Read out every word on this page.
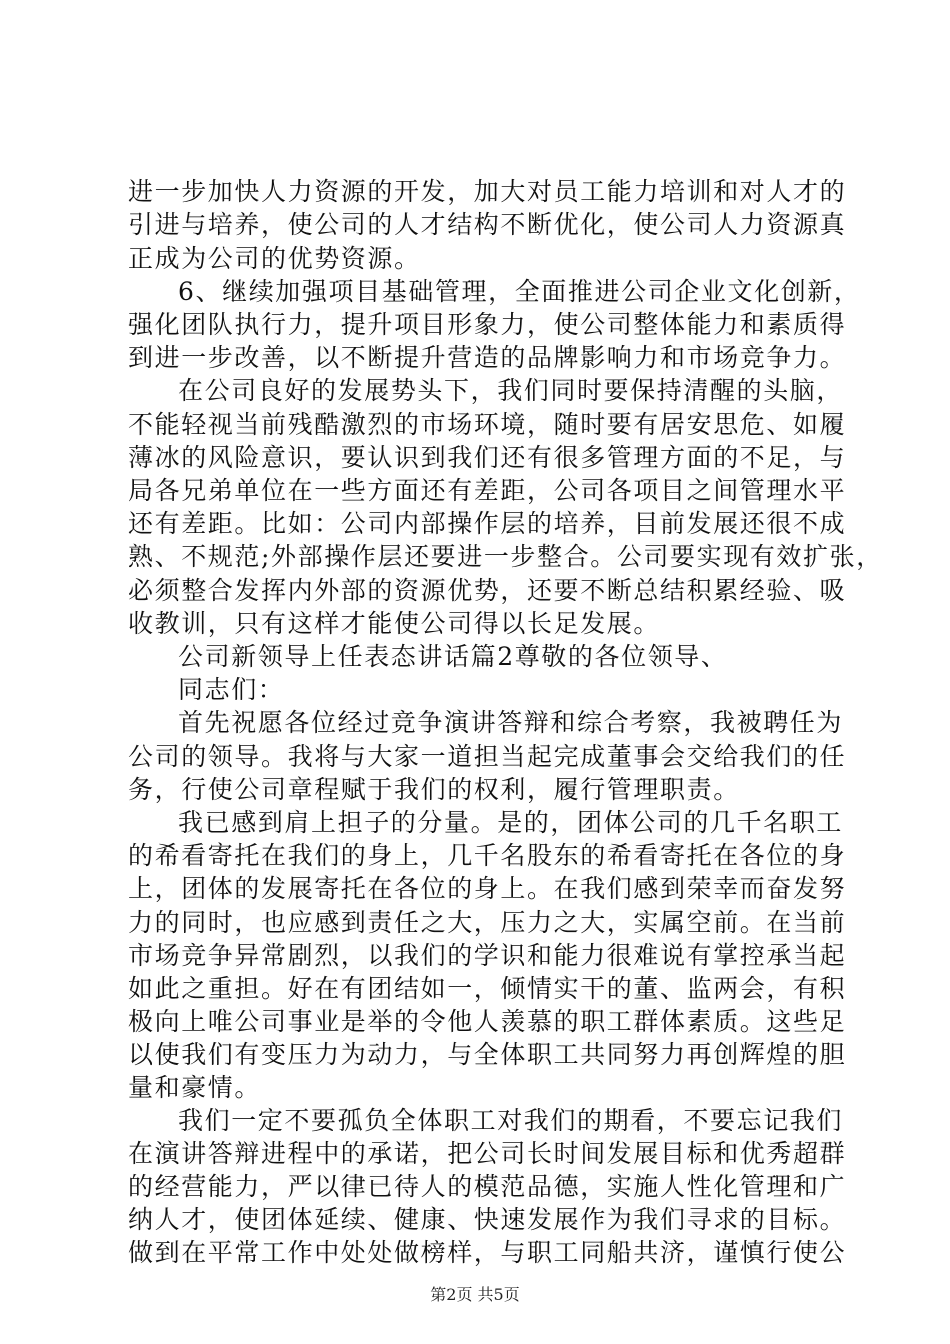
进一步加快人力资源的开发，加大对员工能力培训和对人才的
引进与培养，使公司的人才结构不断优化，使公司人力资源真
正成为公司的优势资源。
6、继续加强项目基础管理，全面推进公司企业文化创新，
强化团队执行力，提升项目形象力，使公司整体能力和素质得
到进一步改善，以不断提升营造的品牌影响力和市场竞争力。
在公司良好的发展势头下，我们同时要保持清醒的头脑，
不能轻视当前残酷激烈的市场环境，随时要有居安思危、如履
薄冰的风险意识，要认识到我们还有很多管理方面的不足，与
局各兄弟单位在一些方面还有差距，公司各项目之间管理水平
还有差距。比如：公司内部操作层的培养，目前发展还很不成
熟、不规范;外部操作层还要进一步整合。公司要实现有效扩张，
必须整合发挥内外部的资源优势，还要不断总结积累经验、吸
收教训，只有这样才能使公司得以长足发展。
公司新领导上任表态讲话篇2尊敬的各位领导、
同志们：
首先祝愿各位经过竞争演讲答辩和综合考察，我被聘任为
公司的领导。我将与大家一道担当起完成董事会交给我们的任
务，行使公司章程赋于我们的权利，履行管理职责。
我已感到肩上担子的分量。是的，团体公司的几千名职工
的希看寄托在我们的身上，几千名股东的希看寄托在各位的身
上，团体的发展寄托在各位的身上。在我们感到荣幸而奋发努
力的同时，也应感到责任之大，压力之大，实属空前。在当前
市场竞争异常剧烈，以我们的学识和能力很难说有掌控承当起
如此之重担。好在有团结如一，倾情实干的董、监两会，有积
极向上唯公司事业是举的令他人羡慕的职工群体素质。这些足
以使我们有变压力为动力，与全体职工共同努力再创辉煌的胆
量和豪情。
我们一定不要孤负全体职工对我们的期看，不要忘记我们
在演讲答辩进程中的承诺，把公司长时间发展目标和优秀超群
的经营能力，严以律已待人的模范品德，实施人性化管理和广
纳人才，使团体延续、健康、快速发展作为我们寻求的目标。
做到在平常工作中处处做榜样，与职工同船共济，谨慎行使公
第2页 共5页
